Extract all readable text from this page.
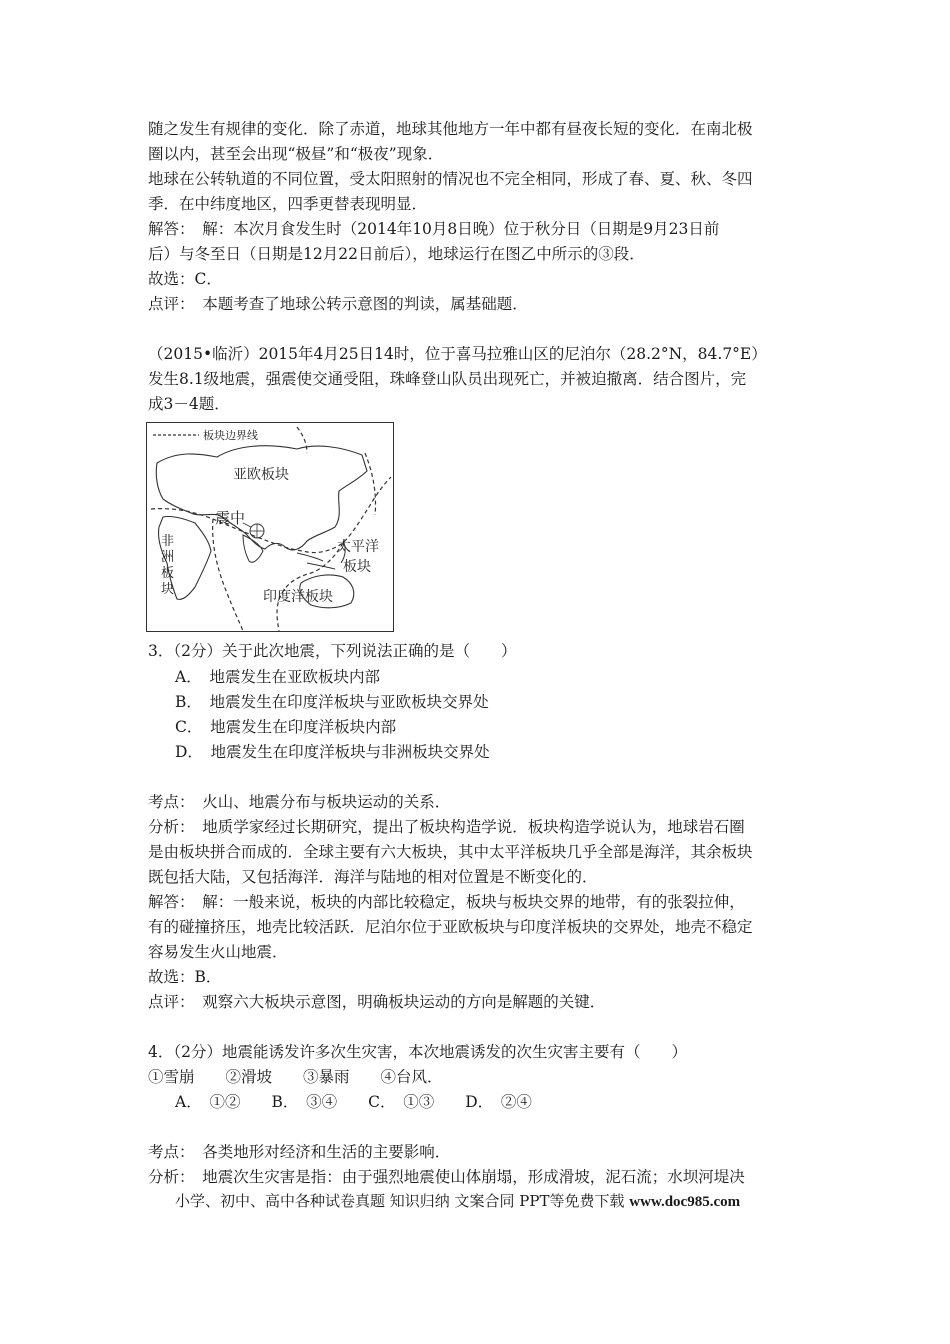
随之发生有规律的变化．除了赤道，地球其他地方一年中都有昼夜长短的变化．在南北极
圈以内，甚至会出现“极昼”和“极夜”现象．
地球在公转轨道的不同位置，受太阳照射的情况也不完全相同，形成了春、夏、秋、冬四
季．在中纬度地区，四季更替表现明显．
解答：　解：本次月食发生时（2014年10月8日晚）位于秋分日（日期是9月23日前
后）与冬至日（日期是12月22日前后），地球运行在图乙中所示的③段．
故选：C．
点评：　本题考查了地球公转示意图的判读，属基础题．
（2015•临沂）2015年4月25日14时，位于喜马拉雅山区的尼泊尔（28.2°N，84.7°E）
发生8.1级地震，强震使交通受阻，珠峰登山队员出现死亡，并被迫撤离．结合图片，完
成3－4题．
板块边界线
亚欧板块
震中
太平洋
板块
非
洲
板
块	印度洋板块
3．（2分）关于此次地震，下列说法正确的是（　　）
A．　地震发生在亚欧板块内部
B．　地震发生在印度洋板块与亚欧板块交界处
C．　地震发生在印度洋板块内部
D．　地震发生在印度洋板块与非洲板块交界处
考点：　火山、地震分布与板块运动的关系．
分析：　地质学家经过长期研究，提出了板块构造学说．板块构造学说认为，地球岩石圈
是由板块拼合而成的．全球主要有六大板块，其中太平洋板块几乎全部是海洋，其余板块
既包括大陆，又包括海洋．海洋与陆地的相对位置是不断变化的．
解答：　解：一般来说，板块的内部比较稳定，板块与板块交界的地带，有的张裂拉伸，
有的碰撞挤压，地壳比较活跃．尼泊尔位于亚欧板块与印度洋板块的交界处，地壳不稳定
容易发生火山地震．
故选：B．
点评：　观察六大板块示意图，明确板块运动的方向是解题的关键．
4．（2分）地震能诱发许多次生灾害，本次地震诱发的次生灾害主要有（　　）
①雪崩　　②滑坡　　③暴雨　　④台风．
A．　①②　　B．　③④　　C．　①③　　D．　②④
考点：　各类地形对经济和生活的主要影响．
分析：　地震次生灾害是指：由于强烈地震使山体崩塌，形成滑坡，泥石流；水坝河堤决
小学、初中、高中各种试卷真题 知识归纳 文案合同 PPT等免费下载 www.doc985.com
